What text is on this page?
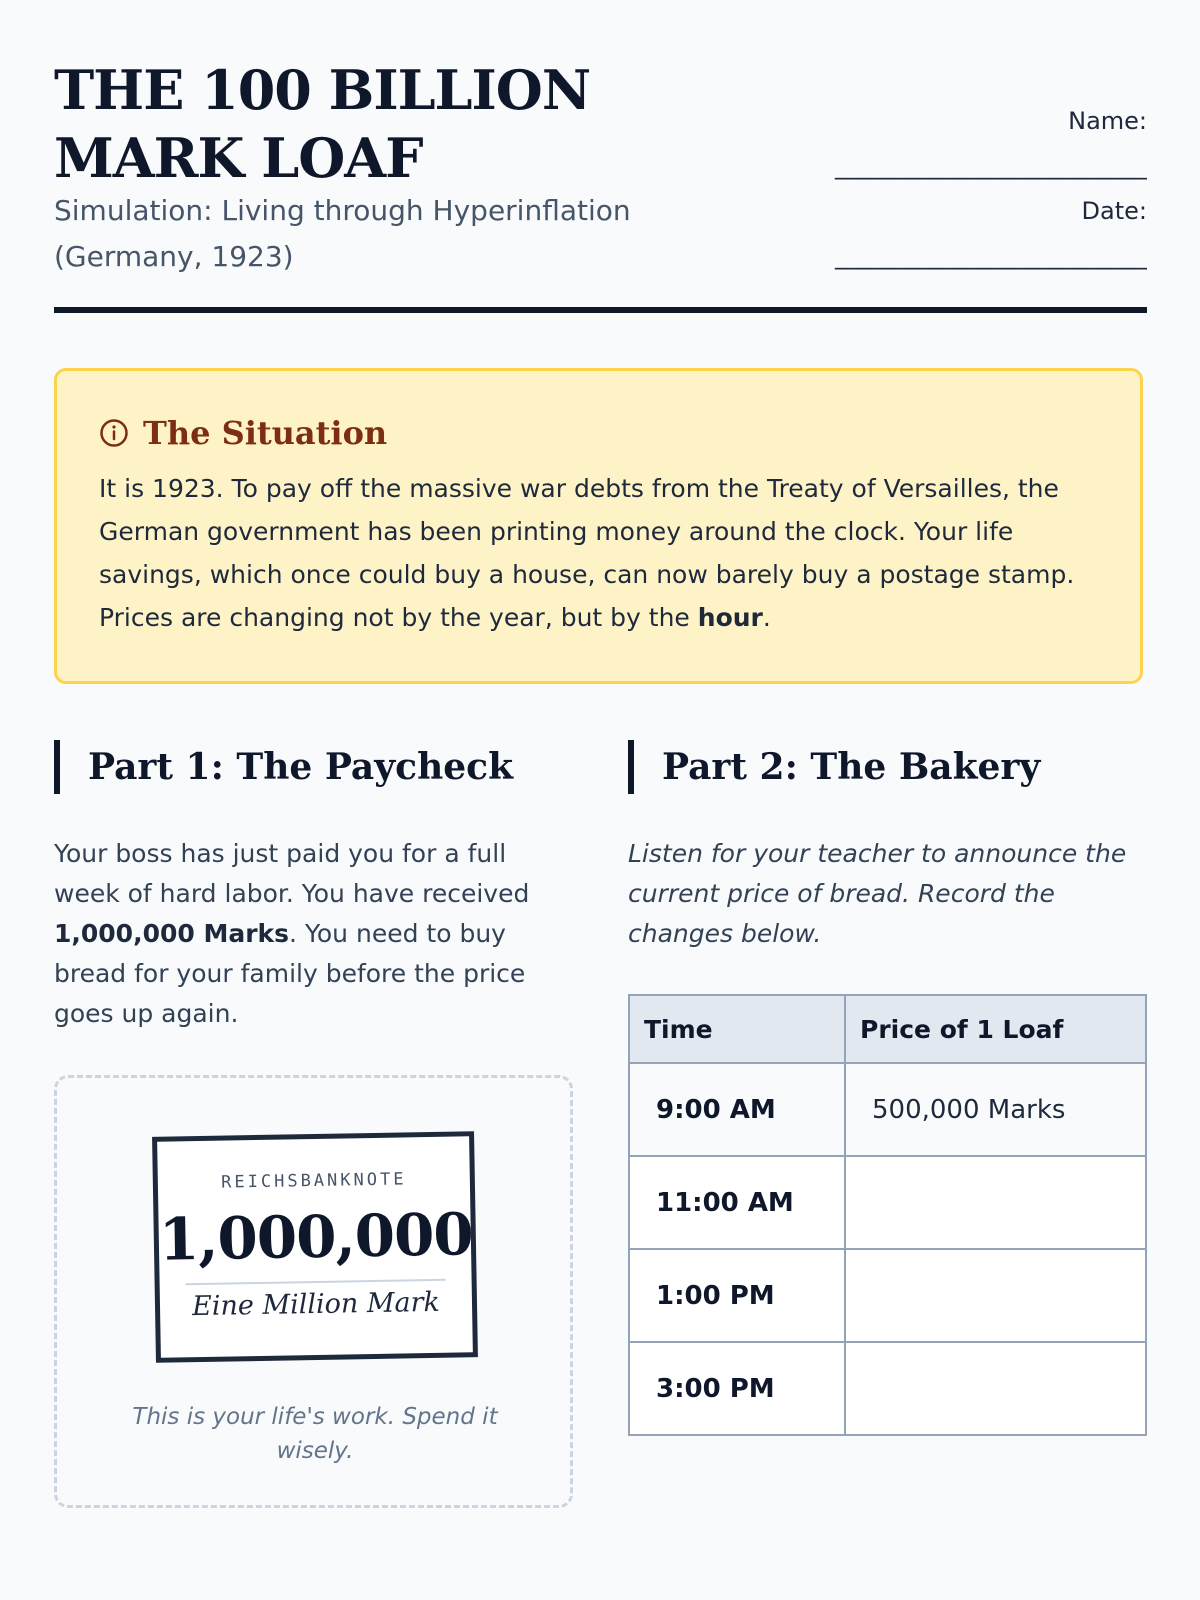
THE 100 BILLION MARK LOAF
Simulation: Living through Hyperinflation (Germany, 1923)
Name:
__________________________
Date:
__________________________
The Situation
It is 1923. To pay off the massive war debts from the Treaty of Versailles, the German government has been printing money around the clock. Your life savings, which once could buy a house, can now barely buy a postage stamp. Prices are changing not by the year, but by the hour.
Part 1: The Paycheck
Your boss has just paid you for a full week of hard labor. You have received 1,000,000 Marks. You need to buy bread for your family before the price goes up again.
REICHSBANKNOTE
1,000,000
Eine Million Mark
This is your life's work. Spend it wisely.
Part 2: The Bakery
Listen for your teacher to announce the current price of bread. Record the changes below.
Time	Price of 1 Loaf
9:00 AM	500,000 Marks
11:00 AM	
1:00 PM	
3:00 PM	
